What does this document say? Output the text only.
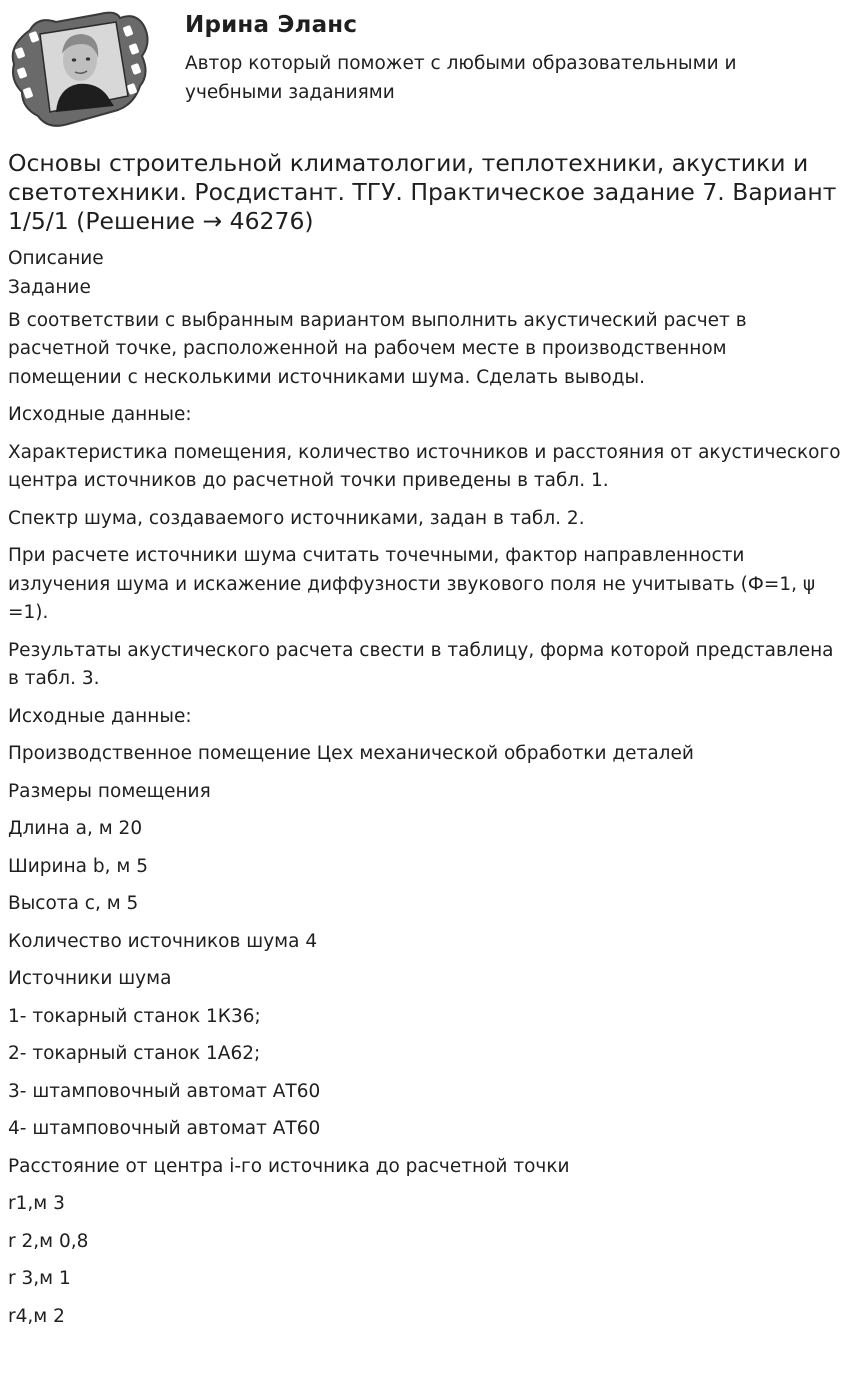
Ирина Эланс
Автор который поможет с любыми образовательными и учебными заданиями
Основы строительной климатологии, теплотехники, акустики и светотехники. Росдистант. ТГУ. Практическое задание 7. Вариант 1/5/1 (Решение → 46276)
Описание
Задание

В соответствии с выбранным вариантом выполнить акустический расчет в расчетной точке, расположенной на рабочем месте в производственном помещении с несколькими источниками шума. Сделать выводы.

Исходные данные:

Характеристика помещения, количество источников и расстояния от акустического центра источников до расчетной точки приведены в табл. 1.

Спектр шума, создаваемого источниками, задан в табл. 2.

При расчете источники шума считать точечными, фактор направленности излучения шума и искажение диффузности звукового поля не учитывать (Ф=1, ψ =1).

Результаты акустического расчета свести в таблицу, форма которой представлена в табл. 3.

Исходные данные:

Производственное помещение Цех механической обработки деталей

Размеры помещения

Длина a, м 20

Ширина b, м 5

Высота c, м 5

Количество источников шума 4

Источники шума

1- токарный станок 1К36;

2- токарный станок 1А62;

3- штамповочный автомат АТ60

4- штамповочный автомат АТ60

Расстояние от центра i-го источника до расчетной точки

r1,м 3

r 2,м 0,8

r 3,м 1

r4,м 2
